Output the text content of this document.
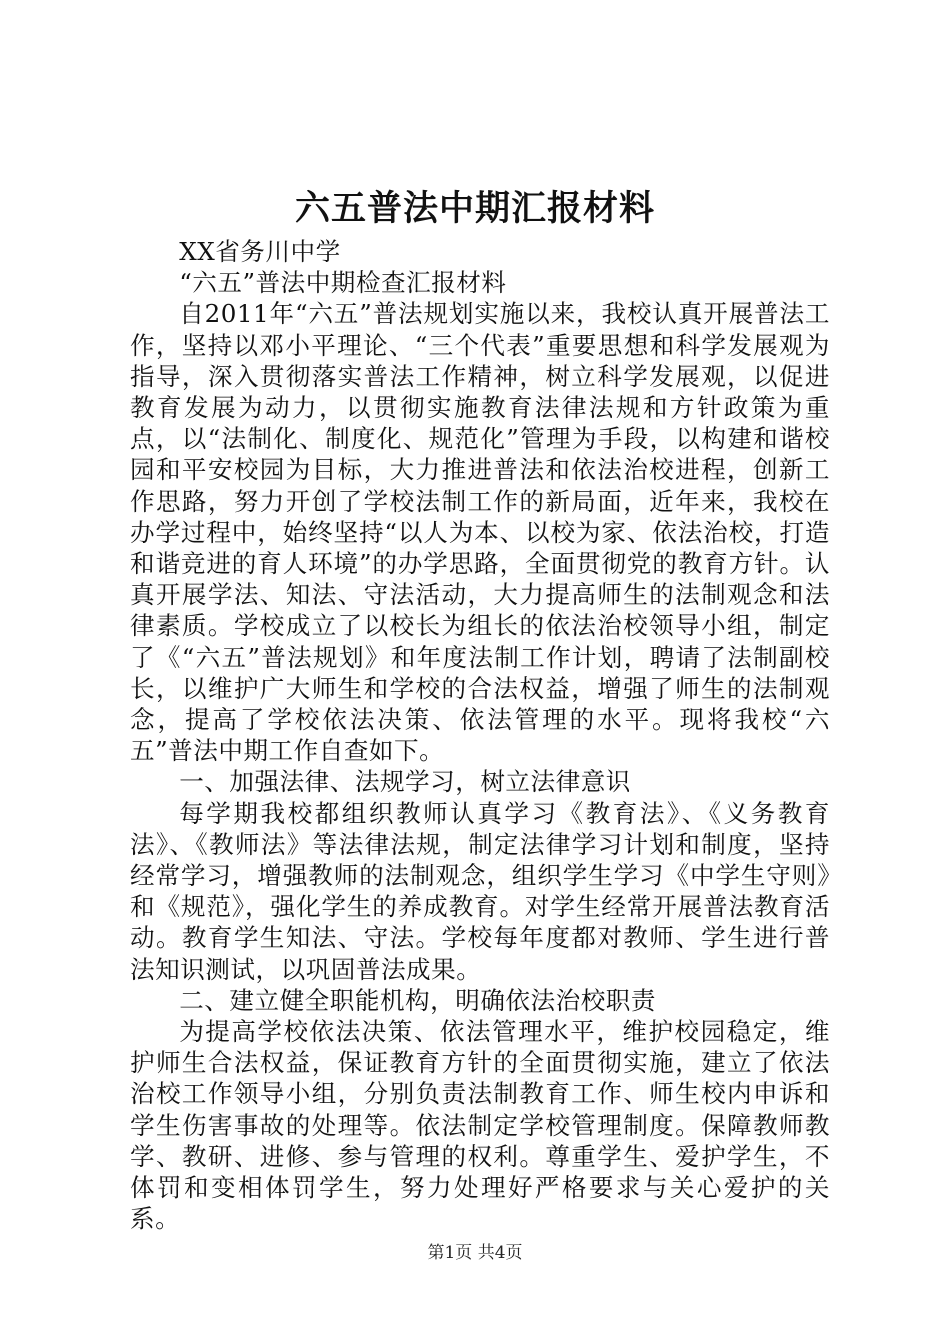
六五普法中期汇报材料

XX省务川中学

“六五”普法中期检查汇报材料

自2011年“六五”普法规划实施以来，我校认真开展普法工作，坚持以邓小平理论、“三个代表”重要思想和科学发展观为指导，深入贯彻落实普法工作精神，树立科学发展观，以促进教育发展为动力，以贯彻实施教育法律法规和方针政策为重点，以“法制化、制度化、规范化”管理为手段，以构建和谐校园和平安校园为目标，大力推进普法和依法治校进程，创新工作思路，努力开创了学校法制工作的新局面，近年来，我校在办学过程中，始终坚持“以人为本、以校为家、依法治校，打造和谐竞进的育人环境”的办学思路，全面贯彻党的教育方针。认真开展学法、知法、守法活动，大力提高师生的法制观念和法律素质。学校成立了以校长为组长的依法治校领导小组，制定了《“六五”普法规划》和年度法制工作计划，聘请了法制副校长，以维护广大师生和学校的合法权益，增强了师生的法制观念，提高了学校依法决策、依法管理的水平。现将我校“六五”普法中期工作自查如下。

一、加强法律、法规学习，树立法律意识

每学期我校都组织教师认真学习《教育法》、《义务教育法》、《教师法》等法律法规，制定法律学习计划和制度，坚持经常学习，增强教师的法制观念，组织学生学习《中学生守则》和《规范》，强化学生的养成教育。对学生经常开展普法教育活动。教育学生知法、守法。学校每年度都对教师、学生进行普法知识测试，以巩固普法成果。

二、建立健全职能机构，明确依法治校职责

为提高学校依法决策、依法管理水平，维护校园稳定，维护师生合法权益，保证教育方针的全面贯彻实施，建立了依法治校工作领导小组，分别负责法制教育工作、师生校内申诉和学生伤害事故的处理等。依法制定学校管理制度。保障教师教学、教研、进修、参与管理的权利。尊重学生、爱护学生，不体罚和变相体罚学生，努力处理好严格要求与关心爱护的关系。

第1页 共4页
